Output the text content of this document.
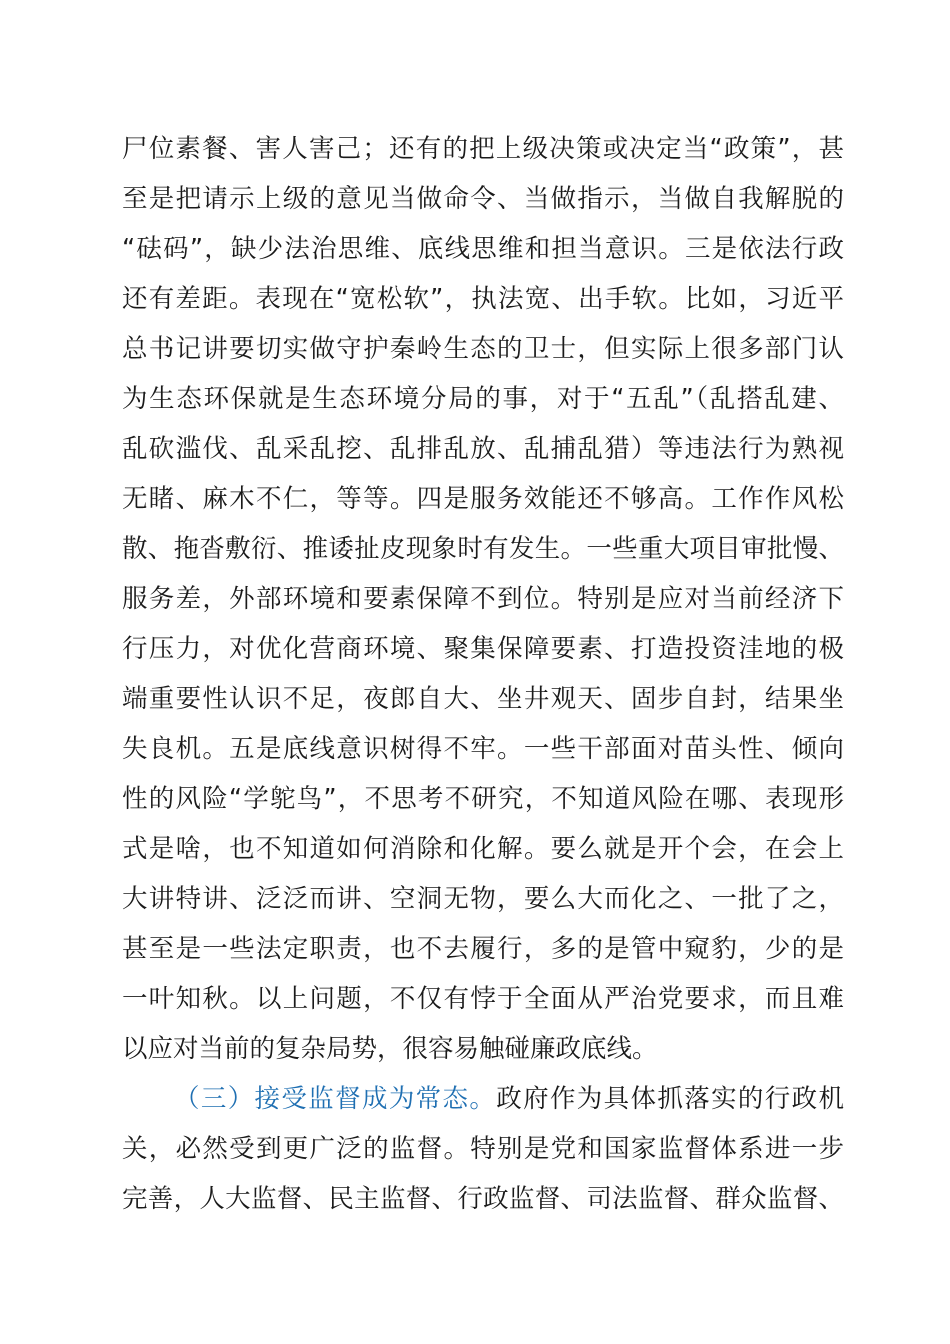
尸位素餐、害人害己；还有的把上级决策或决定当“政策”，甚
至是把请示上级的意见当做命令、当做指示，当做自我解脱的
“砝码”，缺少法治思维、底线思维和担当意识。三是依法行政
还有差距。表现在“宽松软”，执法宽、出手软。比如，习近平
总书记讲要切实做守护秦岭生态的卫士，但实际上很多部门认
为生态环保就是生态环境分局的事，对于“五乱”（乱搭乱建、
乱砍滥伐、乱采乱挖、乱排乱放、乱捕乱猎）等违法行为熟视
无睹、麻木不仁，等等。四是服务效能还不够高。工作作风松
散、拖沓敷衍、推诿扯皮现象时有发生。一些重大项目审批慢、
服务差，外部环境和要素保障不到位。特别是应对当前经济下
行压力，对优化营商环境、聚集保障要素、打造投资洼地的极
端重要性认识不足，夜郎自大、坐井观天、固步自封，结果坐
失良机。五是底线意识树得不牢。一些干部面对苗头性、倾向
性的风险“学鸵鸟”，不思考不研究，不知道风险在哪、表现形
式是啥，也不知道如何消除和化解。要么就是开个会，在会上
大讲特讲、泛泛而讲、空洞无物，要么大而化之、一批了之，
甚至是一些法定职责，也不去履行，多的是管中窥豹，少的是
一叶知秋。以上问题，不仅有悖于全面从严治党要求，而且难
以应对当前的复杂局势，很容易触碰廉政底线。
（三）接受监督成为常态。政府作为具体抓落实的行政机
关，必然受到更广泛的监督。特别是党和国家监督体系进一步
完善，人大监督、民主监督、行政监督、司法监督、群众监督、
